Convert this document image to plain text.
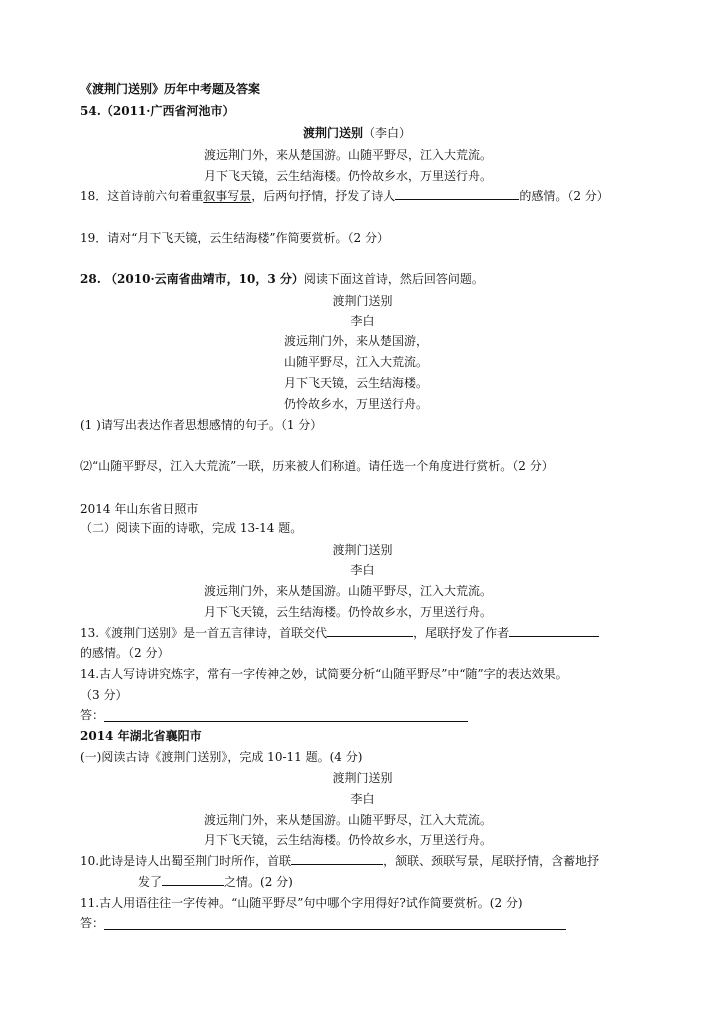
《渡荆门送别》历年中考题及答案
54.（2011·广西省河池市）
渡荆门送别（李白）
渡远荆门外，来从楚国游。山随平野尽，江入大荒流。
月下飞天镜，云生结海楼。仍怜故乡水，万里送行舟。
18．这首诗前六句着重叙事写景，后两句抒情，抒发了诗人	的感情。（2 分）
19．请对“月下飞天镜，云生结海楼”作简要赏析。（2 分）
28. （2010·云南省曲靖市，10，3 分）阅读下面这首诗，然后回答问题。
渡荆门送别
李白
渡远荆门外，来从楚国游，
山随平野尽，江入大荒流。
月下飞天镜，云生结海楼。
仍怜故乡水，万里送行舟。
(1 )请写出表达作者思想感情的句子。（1 分）
⑵“山随平野尽，江入大荒流”一联，历来被人们称道。请任选一个角度进行赏析。（2 分）
2014 年山东省日照市
（二）阅读下面的诗歌，完成 13-14 题。
渡荆门送别
李白
渡远荆门外，来从楚国游。山随平野尽，江入大荒流。
月下飞天镜，云生结海楼。仍怜故乡水，万里送行舟。
13.《渡荆门送别》是一首五言律诗，首联交代	，尾联抒发了作者
的感情。（2 分）
14.古人写诗讲究炼字，常有一字传神之妙，试简要分析“山随平野尽”中“随”字的表达效果。
（3 分）
答：
2014 年湖北省襄阳市
(一)阅读古诗《渡荆门送别》，完成 10-11 题。(4 分)
渡荆门送别
李白
渡远荆门外，来从楚国游。山随平野尽，江入大荒流。
月下飞天镜，云生结海楼。仍怜故乡水，万里送行舟。
10.此诗是诗人出蜀至荆门时所作，首联	，颔联、颈联写景，尾联抒情，含蓄地抒
发了	之情。(2 分)
11.古人用语往往一字传神。“山随平野尽”句中哪个字用得好?试作简要赏析。(2 分)
答：
